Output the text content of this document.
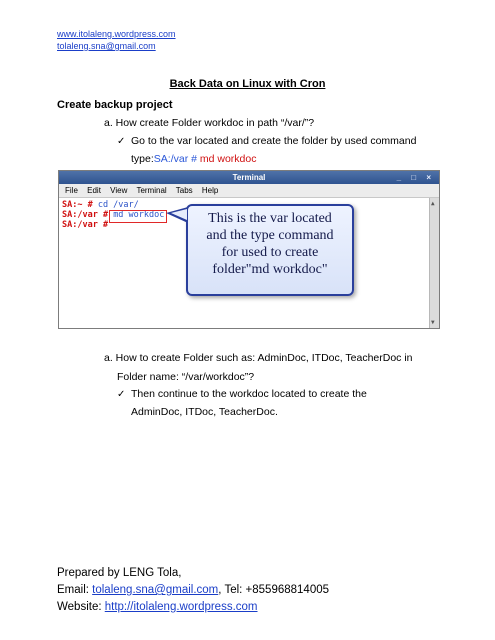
www.itolaleng.wordpress.com
tolaleng.sna@gmail.com
Back Data on Linux with Cron
Create backup project
a. How create Folder workdoc in path “/var/”?
✓ Go to the var located and create the folder by used command
type:SA:/var # md workdoc
Terminal	_ □ ×
File Edit View Terminal Tabs Help
SA:~ # cd /var/
SA:/var # md workdoc
SA:/var #
▲
▼
This is the var located
and the type command
for used to create
folder"md workdoc"
a. How to create Folder such as: AdminDoc, ITDoc, TeacherDoc in
Folder name: “/var/workdoc”?
✓ Then continue to the workdoc located to create the
AdminDoc, ITDoc, TeacherDoc.
Prepared by LENG Tola,
Email: tolaleng.sna@gmail.com, Tel: +855968814005
Website: http://itolaleng.wordpress.com
